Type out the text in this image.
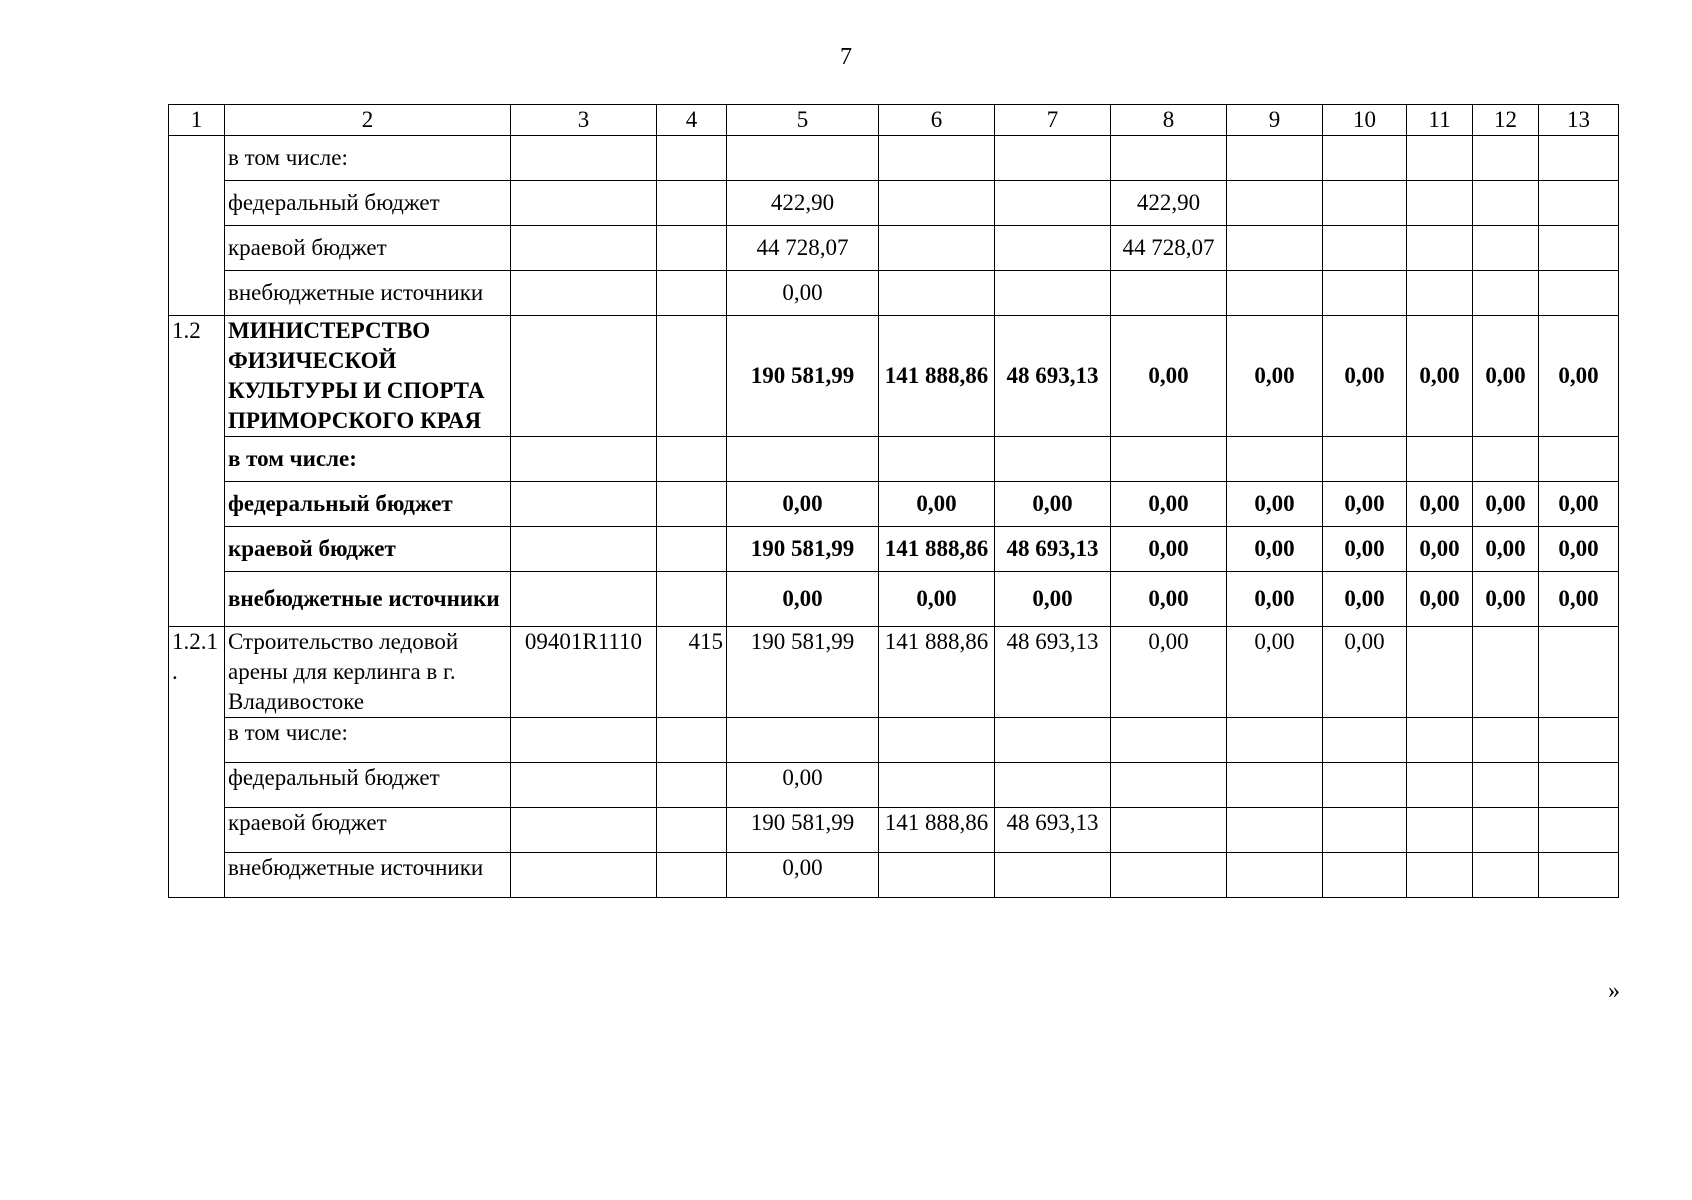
7
1	2	3	4	5	6	7	8	9	10	11	12	13
	в том числе:											
	федеральный бюджет			422,90			422,90					
	краевой бюджет			44 728,07			44 728,07					
	внебюджетные источники			0,00								
1.2	МИНИСТЕРСТВО ФИЗИЧЕСКОЙ КУЛЬТУРЫ И СПОРТА ПРИМОРСКОГО КРАЯ			190 581,99	141 888,86	48 693,13	0,00	0,00	0,00	0,00	0,00	0,00
	в том числе:											
	федеральный бюджет			0,00	0,00	0,00	0,00	0,00	0,00	0,00	0,00	0,00
	краевой бюджет			190 581,99	141 888,86	48 693,13	0,00	0,00	0,00	0,00	0,00	0,00
	внебюджетные источники			0,00	0,00	0,00	0,00	0,00	0,00	0,00	0,00	0,00
1.2.1 .	Строительство ледовой арены для керлинга в г. Владивостоке	09401R1110	415	190 581,99	141 888,86	48 693,13	0,00	0,00	0,00			
	в том числе:											
	федеральный бюджет			0,00								
	краевой бюджет			190 581,99	141 888,86	48 693,13						
	внебюджетные источники			0,00								
»
